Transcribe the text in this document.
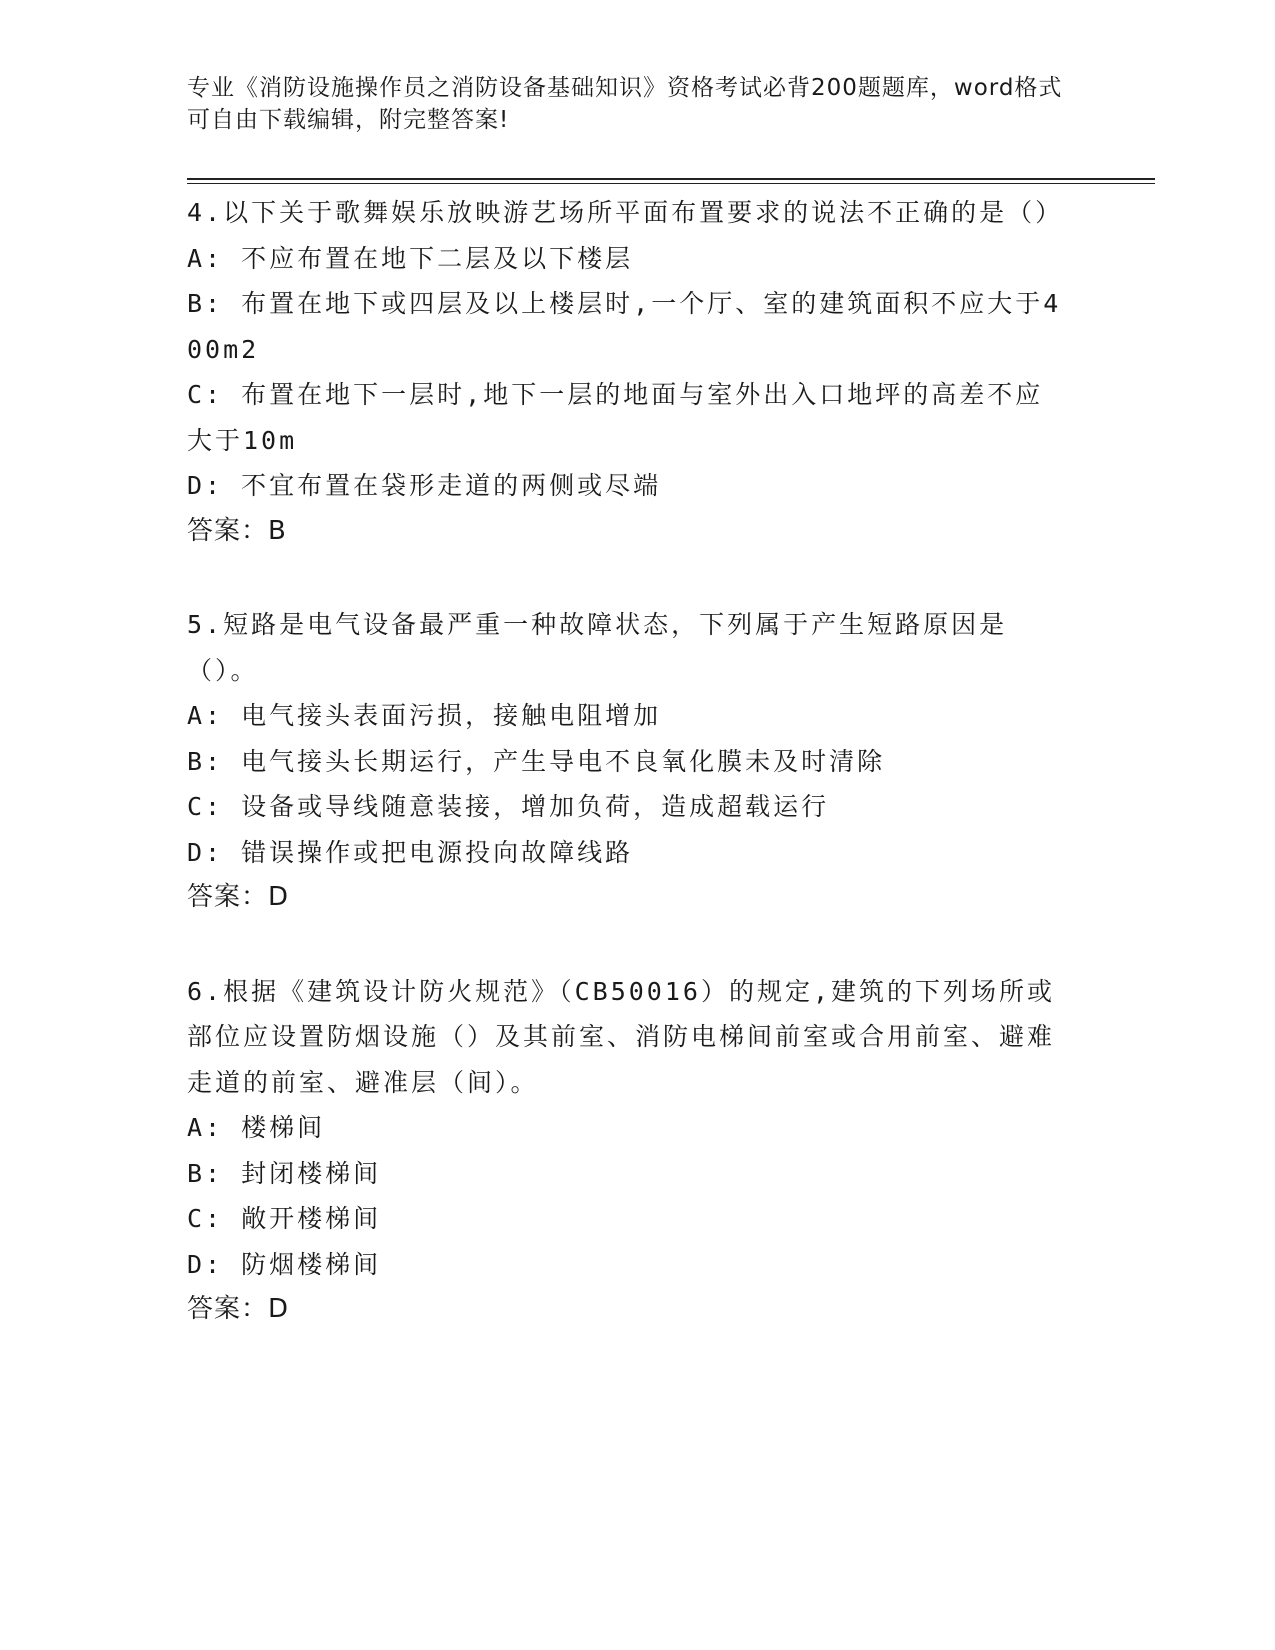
专业《消防设施操作员之消防设备基础知识》资格考试必背200题题库，word格式可自由下载编辑，附完整答案!
4.以下关于歌舞娱乐放映游艺场所平面布置要求的说法不正确的是（）
A: 不应布置在地下二层及以下楼层
B: 布置在地下或四层及以上楼层时,一个厅、室的建筑面积不应大于400m2
C: 布置在地下一层时,地下一层的地面与室外出入口地坪的高差不应大于10m
D: 不宜布置在袋形走道的两侧或尽端
答案：B
5.短路是电气设备最严重一种故障状态，下列属于产生短路原因是（）。
A: 电气接头表面污损，接触电阻增加
B: 电气接头长期运行，产生导电不良氧化膜未及时清除
C: 设备或导线随意装接，增加负荷，造成超载运行
D: 错误操作或把电源投向故障线路
答案：D
6.根据《建筑设计防火规范》（CB50016）的规定,建筑的下列场所或部位应设置防烟设施（）及其前室、消防电梯间前室或合用前室、避难走道的前室、避准层（间）。
A: 楼梯间
B: 封闭楼梯间
C: 敞开楼梯间
D: 防烟楼梯间
答案：D
